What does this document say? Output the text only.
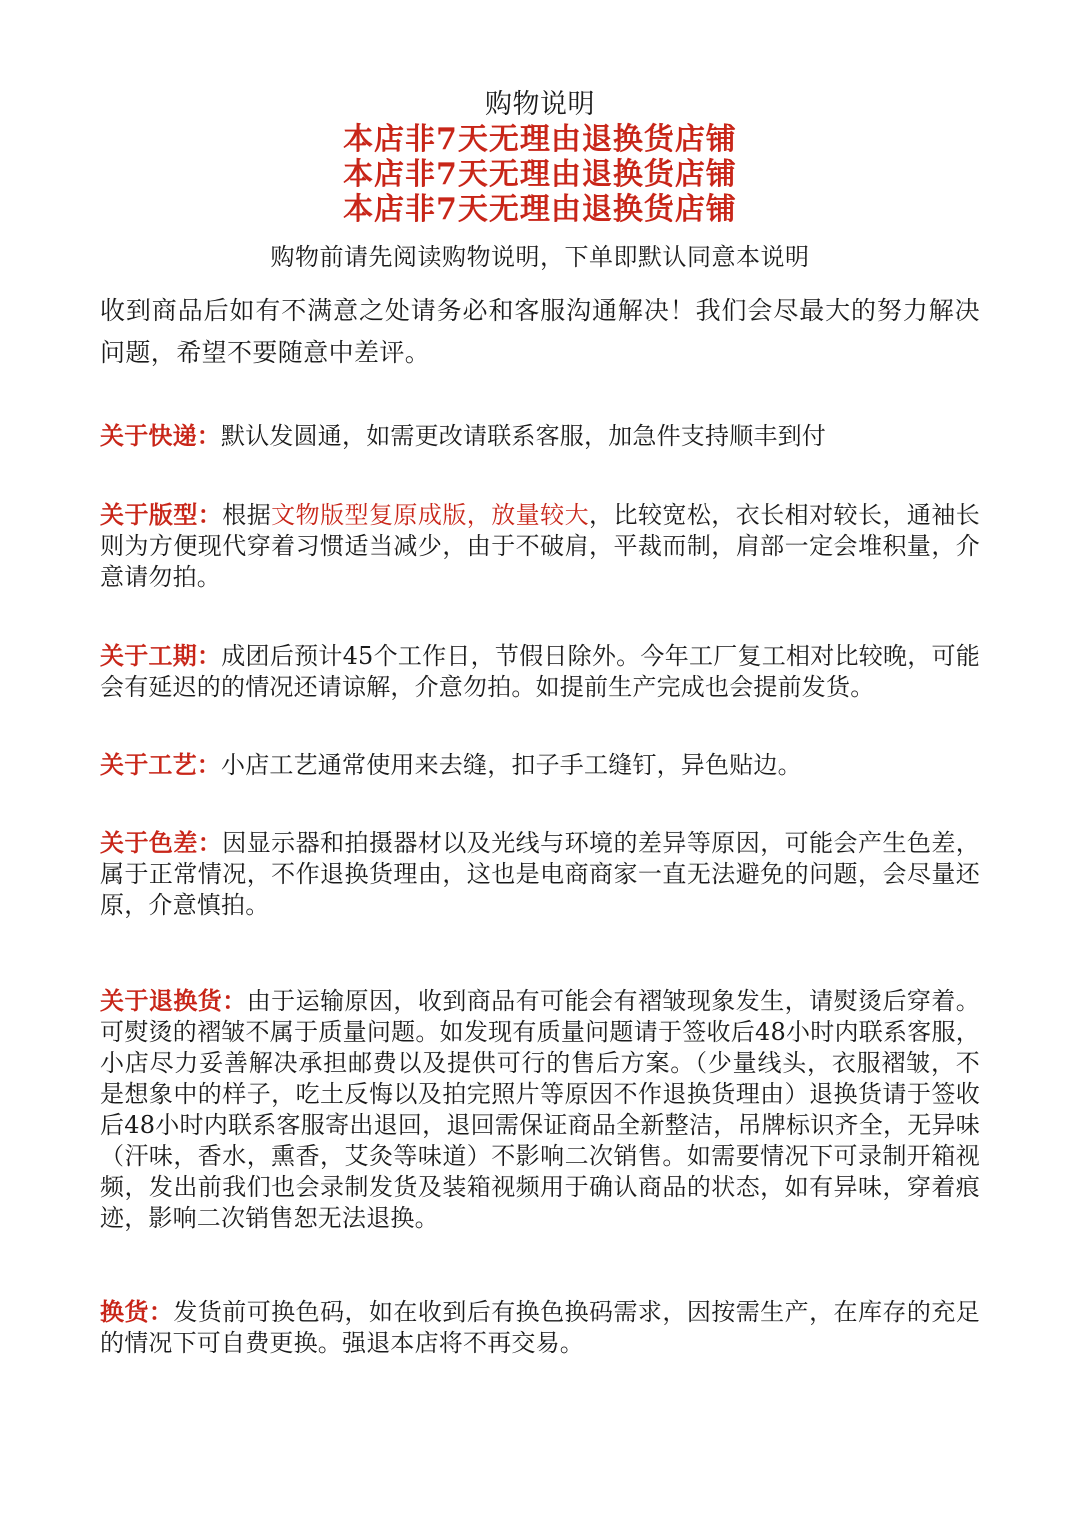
购物说明
本店非7天无理由退换货店铺
本店非7天无理由退换货店铺
本店非7天无理由退换货店铺
购物前请先阅读购物说明，下单即默认同意本说明

收到商品后如有不满意之处请务必和客服沟通解决！我们会尽最大的努力解决问题，希望不要随意中差评。

关于快递：默认发圆通，如需更改请联系客服，加急件支持顺丰到付

关于版型：根据文物版型复原成版，放量较大，比较宽松，衣长相对较长，通袖长则为方便现代穿着习惯适当减少，由于不破肩，平裁而制，肩部一定会堆积量，介意请勿拍。

关于工期：成团后预计45个工作日，节假日除外。今年工厂复工相对比较晚，可能会有延迟的的情况还请谅解，介意勿拍。如提前生产完成也会提前发货。

关于工艺：小店工艺通常使用来去缝，扣子手工缝钉，异色贴边。

关于色差：因显示器和拍摄器材以及光线与环境的差异等原因，可能会产生色差，属于正常情况，不作退换货理由，这也是电商商家一直无法避免的问题，会尽量还原，介意慎拍。

关于退换货：由于运输原因，收到商品有可能会有褶皱现象发生，请熨烫后穿着。可熨烫的褶皱不属于质量问题。如发现有质量问题请于签收后48小时内联系客服，小店尽力妥善解决承担邮费以及提供可行的售后方案。（少量线头，衣服褶皱，不是想象中的样子，吃土反悔以及拍完照片等原因不作退换货理由）退换货请于签收后48小时内联系客服寄出退回，退回需保证商品全新整洁，吊牌标识齐全，无异味（汗味，香水，熏香，艾灸等味道）不影响二次销售。如需要情况下可录制开箱视频，发出前我们也会录制发货及装箱视频用于确认商品的状态，如有异味，穿着痕迹，影响二次销售恕无法退换。

换货：发货前可换色码，如在收到后有换色换码需求，因按需生产，在库存的充足的情况下可自费更换。强退本店将不再交易。
